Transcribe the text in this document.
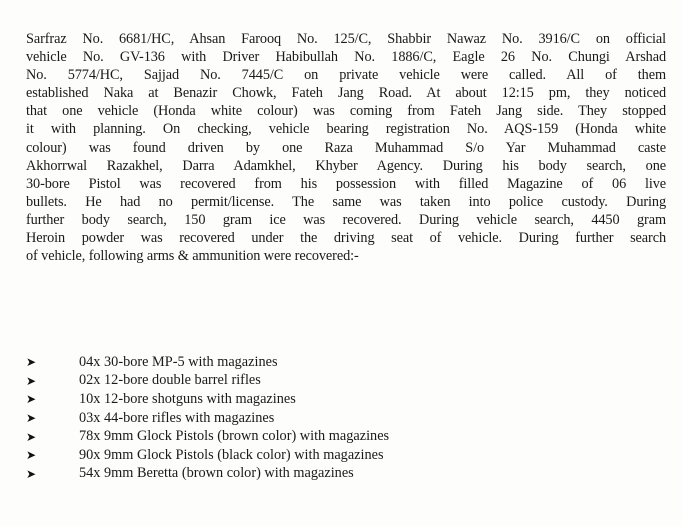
Sarfraz No. 6681/HC, Ahsan Farooq No. 125/C, Shabbir Nawaz No. 3916/C on official
vehicle No. GV-136 with Driver Habibullah No. 1886/C, Eagle 26 No. Chungi Arshad
No. 5774/HC, Sajjad No. 7445/C on private vehicle were called. All of them
established Naka at Benazir Chowk, Fateh Jang Road. At about 12:15 pm, they noticed
that one vehicle (Honda white colour) was coming from Fateh Jang side. They stopped
it with planning. On checking, vehicle bearing registration No. AQS-159 (Honda white
colour) was found driven by one Raza Muhammad S/o Yar Muhammad caste
Akhorrwal Razakhel, Darra Adamkhel, Khyber Agency. During his body search, one
30-bore Pistol was recovered from his possession with filled Magazine of 06 live
bullets. He had no permit/license. The same was taken into police custody. During
further body search, 150 gram ice was recovered. During vehicle search, 4450 gram
Heroin powder was recovered under the driving seat of vehicle. During further search
of vehicle, following arms & ammunition were recovered:-
➤	04x 30-bore MP-5 with magazines
➤	02x 12-bore double barrel rifles
➤	10x 12-bore shotguns with magazines
➤	03x 44-bore rifles with magazines
➤	78x 9mm Glock Pistols (brown color) with magazines
➤	90x 9mm Glock Pistols (black color) with magazines
➤	54x 9mm Beretta (brown color) with magazines
